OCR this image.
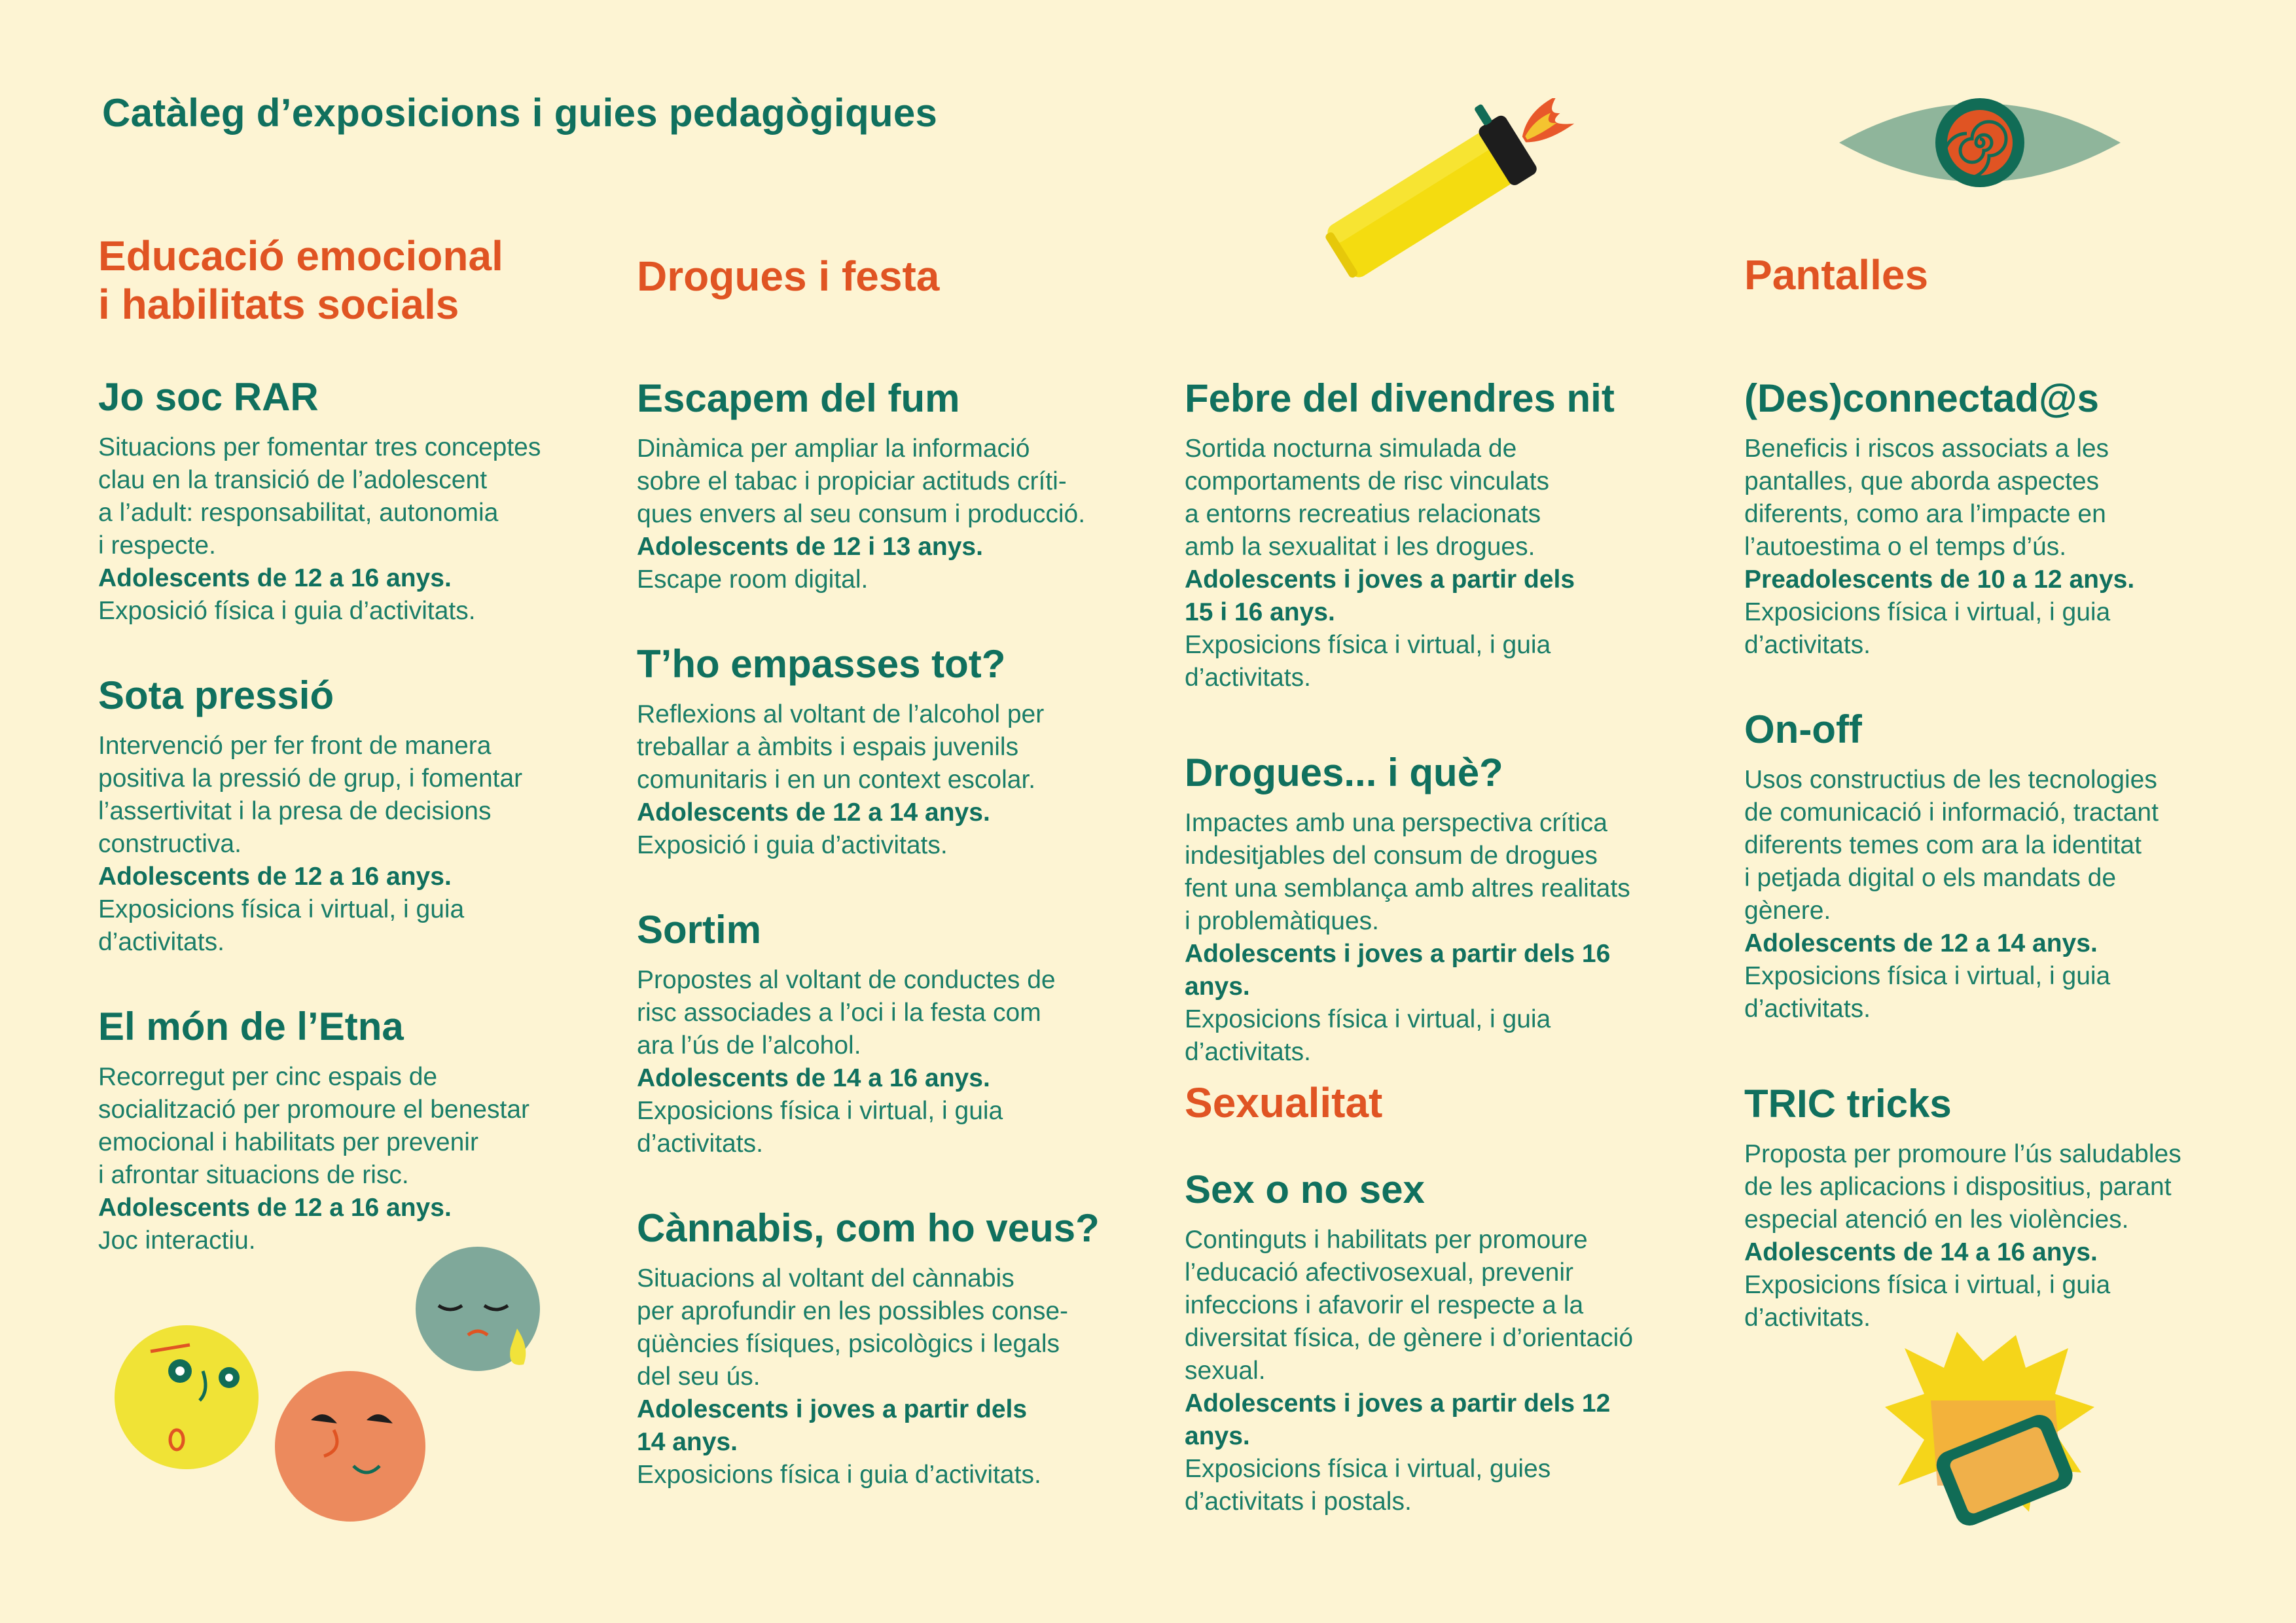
Catàleg d’exposicions i guies pedagògiques
Educació emocional
i habilitats socials
Drogues i festa	Pantalles
Sexualitat
Jo soc RAR
Situacions per fomentar tres conceptes
clau en la transició de l’adolescent
a l’adult: responsabilitat, autonomia
i respecte.
Adolescents de 12 a 16 anys.
Exposició física i guia d’activitats.
Sota pressió
Intervenció per fer front de manera
positiva la pressió de grup, i fomentar
l’assertivitat i la presa de decisions
constructiva.
Adolescents de 12 a 16 anys.
Exposicions física i virtual, i guia
d’activitats.
El món de l’Etna
Recorregut per cinc espais de
socialització per promoure el benestar
emocional i habilitats per prevenir
i afrontar situacions de risc.
Adolescents de 12 a 16 anys.
Joc interactiu.
Escapem del fum
Dinàmica per ampliar la informació
sobre el tabac i propiciar actituds críti-
ques envers al seu consum i producció.
Adolescents de 12 i 13 anys.
Escape room digital.
T’ho empasses tot?
Reflexions al voltant de l’alcohol per
treballar a àmbits i espais juvenils
comunitaris i en un context escolar.
Adolescents de 12 a 14 anys.
Exposició i guia d’activitats.
Sortim
Propostes al voltant de conductes de
risc associades a l’oci i la festa com
ara l’ús de l’alcohol.
Adolescents de 14 a 16 anys.
Exposicions física i virtual, i guia
d’activitats.
Cànnabis, com ho veus?
Situacions al voltant del cànnabis
per aprofundir en les possibles conse-
qüències físiques, psicològics i legals
del seu ús.
Adolescents i joves a partir dels
14 anys.
Exposicions física i guia d’activitats.
Febre del divendres nit
Sortida nocturna simulada de
comportaments de risc vinculats
a entorns recreatius relacionats
amb la sexualitat i les drogues.
Adolescents i joves a partir dels
15 i 16 anys.
Exposicions física i virtual, i guia
d’activitats.
Drogues... i què?
Impactes amb una perspectiva crítica
indesitjables del consum de drogues
fent una semblança amb altres realitats
i problemàtiques.
Adolescents i joves a partir dels 16 anys.
Exposicions física i virtual, i guia d’activitats.
Sex o no sex
Continguts i habilitats per promoure
l’educació afectivosexual, prevenir
infeccions i afavorir el respecte a la
diversitat física, de gènere i d’orientació
sexual.
Adolescents i joves a partir dels 12 anys.
Exposicions física i virtual, guies
d’activitats i postals.
(Des)connectad@s
Beneficis i riscos associats a les
pantalles, que aborda aspectes
diferents, como ara l’impacte en
l’autoestima o el temps d’ús.
Preadolescents de 10 a 12 anys.
Exposicions física i virtual, i guia
d’activitats.
On-off
Usos constructius de les tecnologies
de comunicació i informació, tractant
diferents temes com ara la identitat
i petjada digital o els mandats de
gènere.
Adolescents de 12 a 14 anys.
Exposicions física i virtual, i guia
d’activitats.
TRIC tricks
Proposta per promoure l’ús saludables
de les aplicacions i dispositius, parant
especial atenció en les violències.
Adolescents de 14 a 16 anys.
Exposicions física i virtual, i guia
d’activitats.
